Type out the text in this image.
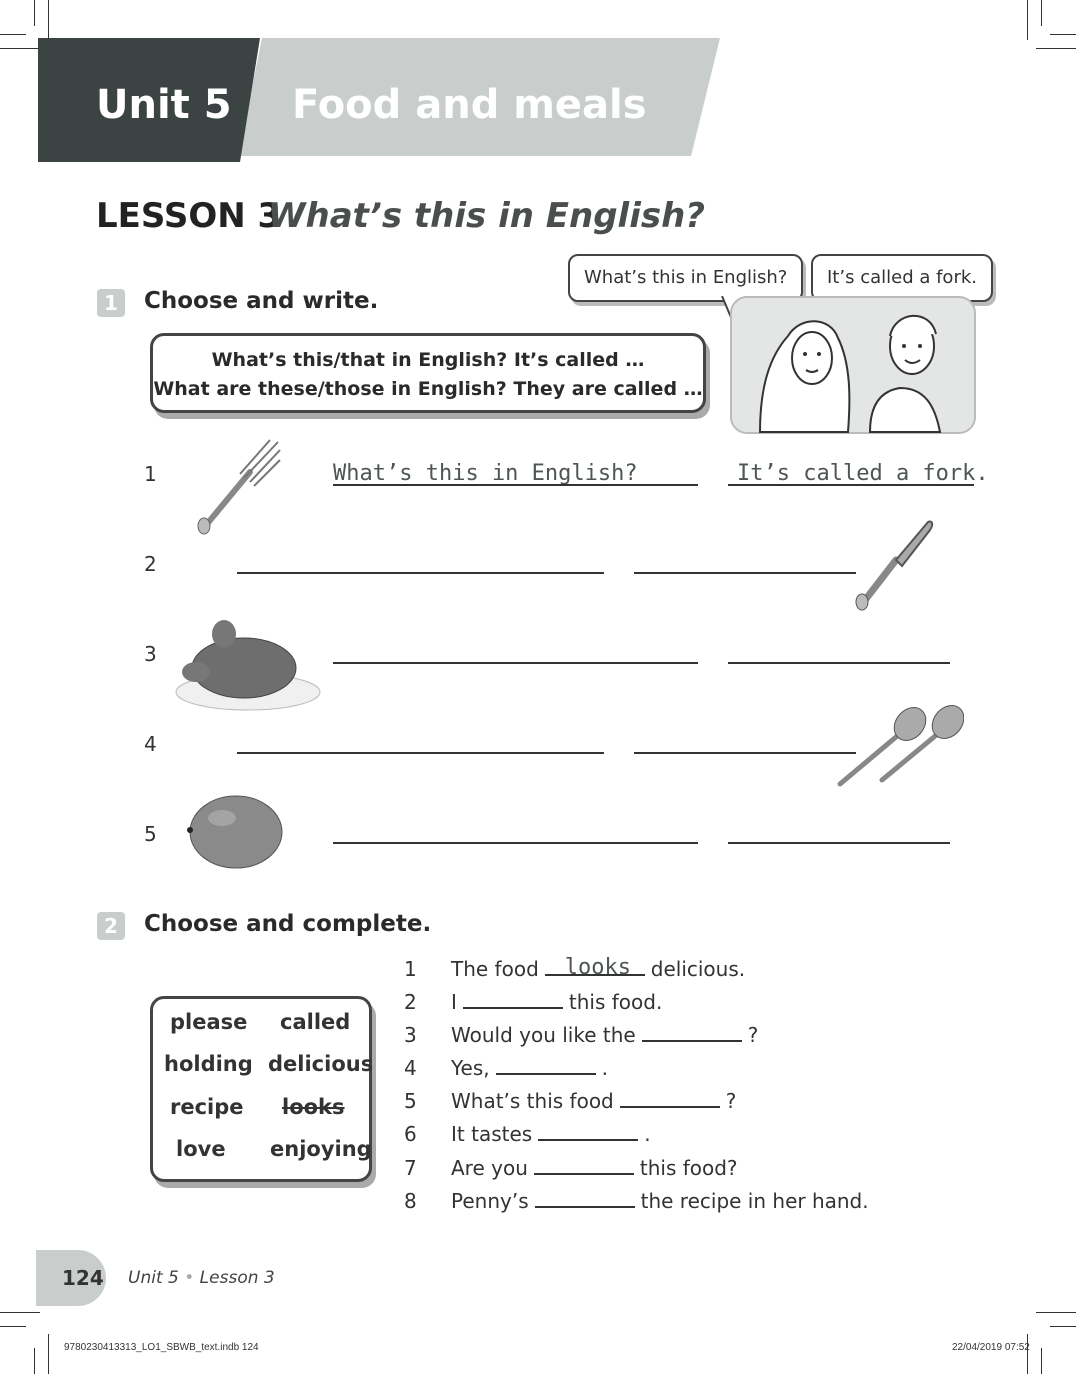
Unit 5 Food and meals
LESSON 3
What’s this in English?
1	Choose and write.
What’s this in English?	It’s called a fork.
What’s this/that in English? It’s called …
What are these/those in English? They are called …
1	What’s this in English?	It’s called a fork.
2
3
4
5
2	Choose and complete.
please called
holding delicious
recipe looks
love enjoying
1 The food looks delicious.
2 I	this food.
3 Would you like the	?
4 Yes,	.
5 What’s this food	?
6 It tastes	.
7 Are you	this food?
8 Penny’s	the recipe in her hand.
124 Unit 5 • Lesson 3
9780230413313_LO1_SBWB_text.indb 124	22/04/2019 07:52
